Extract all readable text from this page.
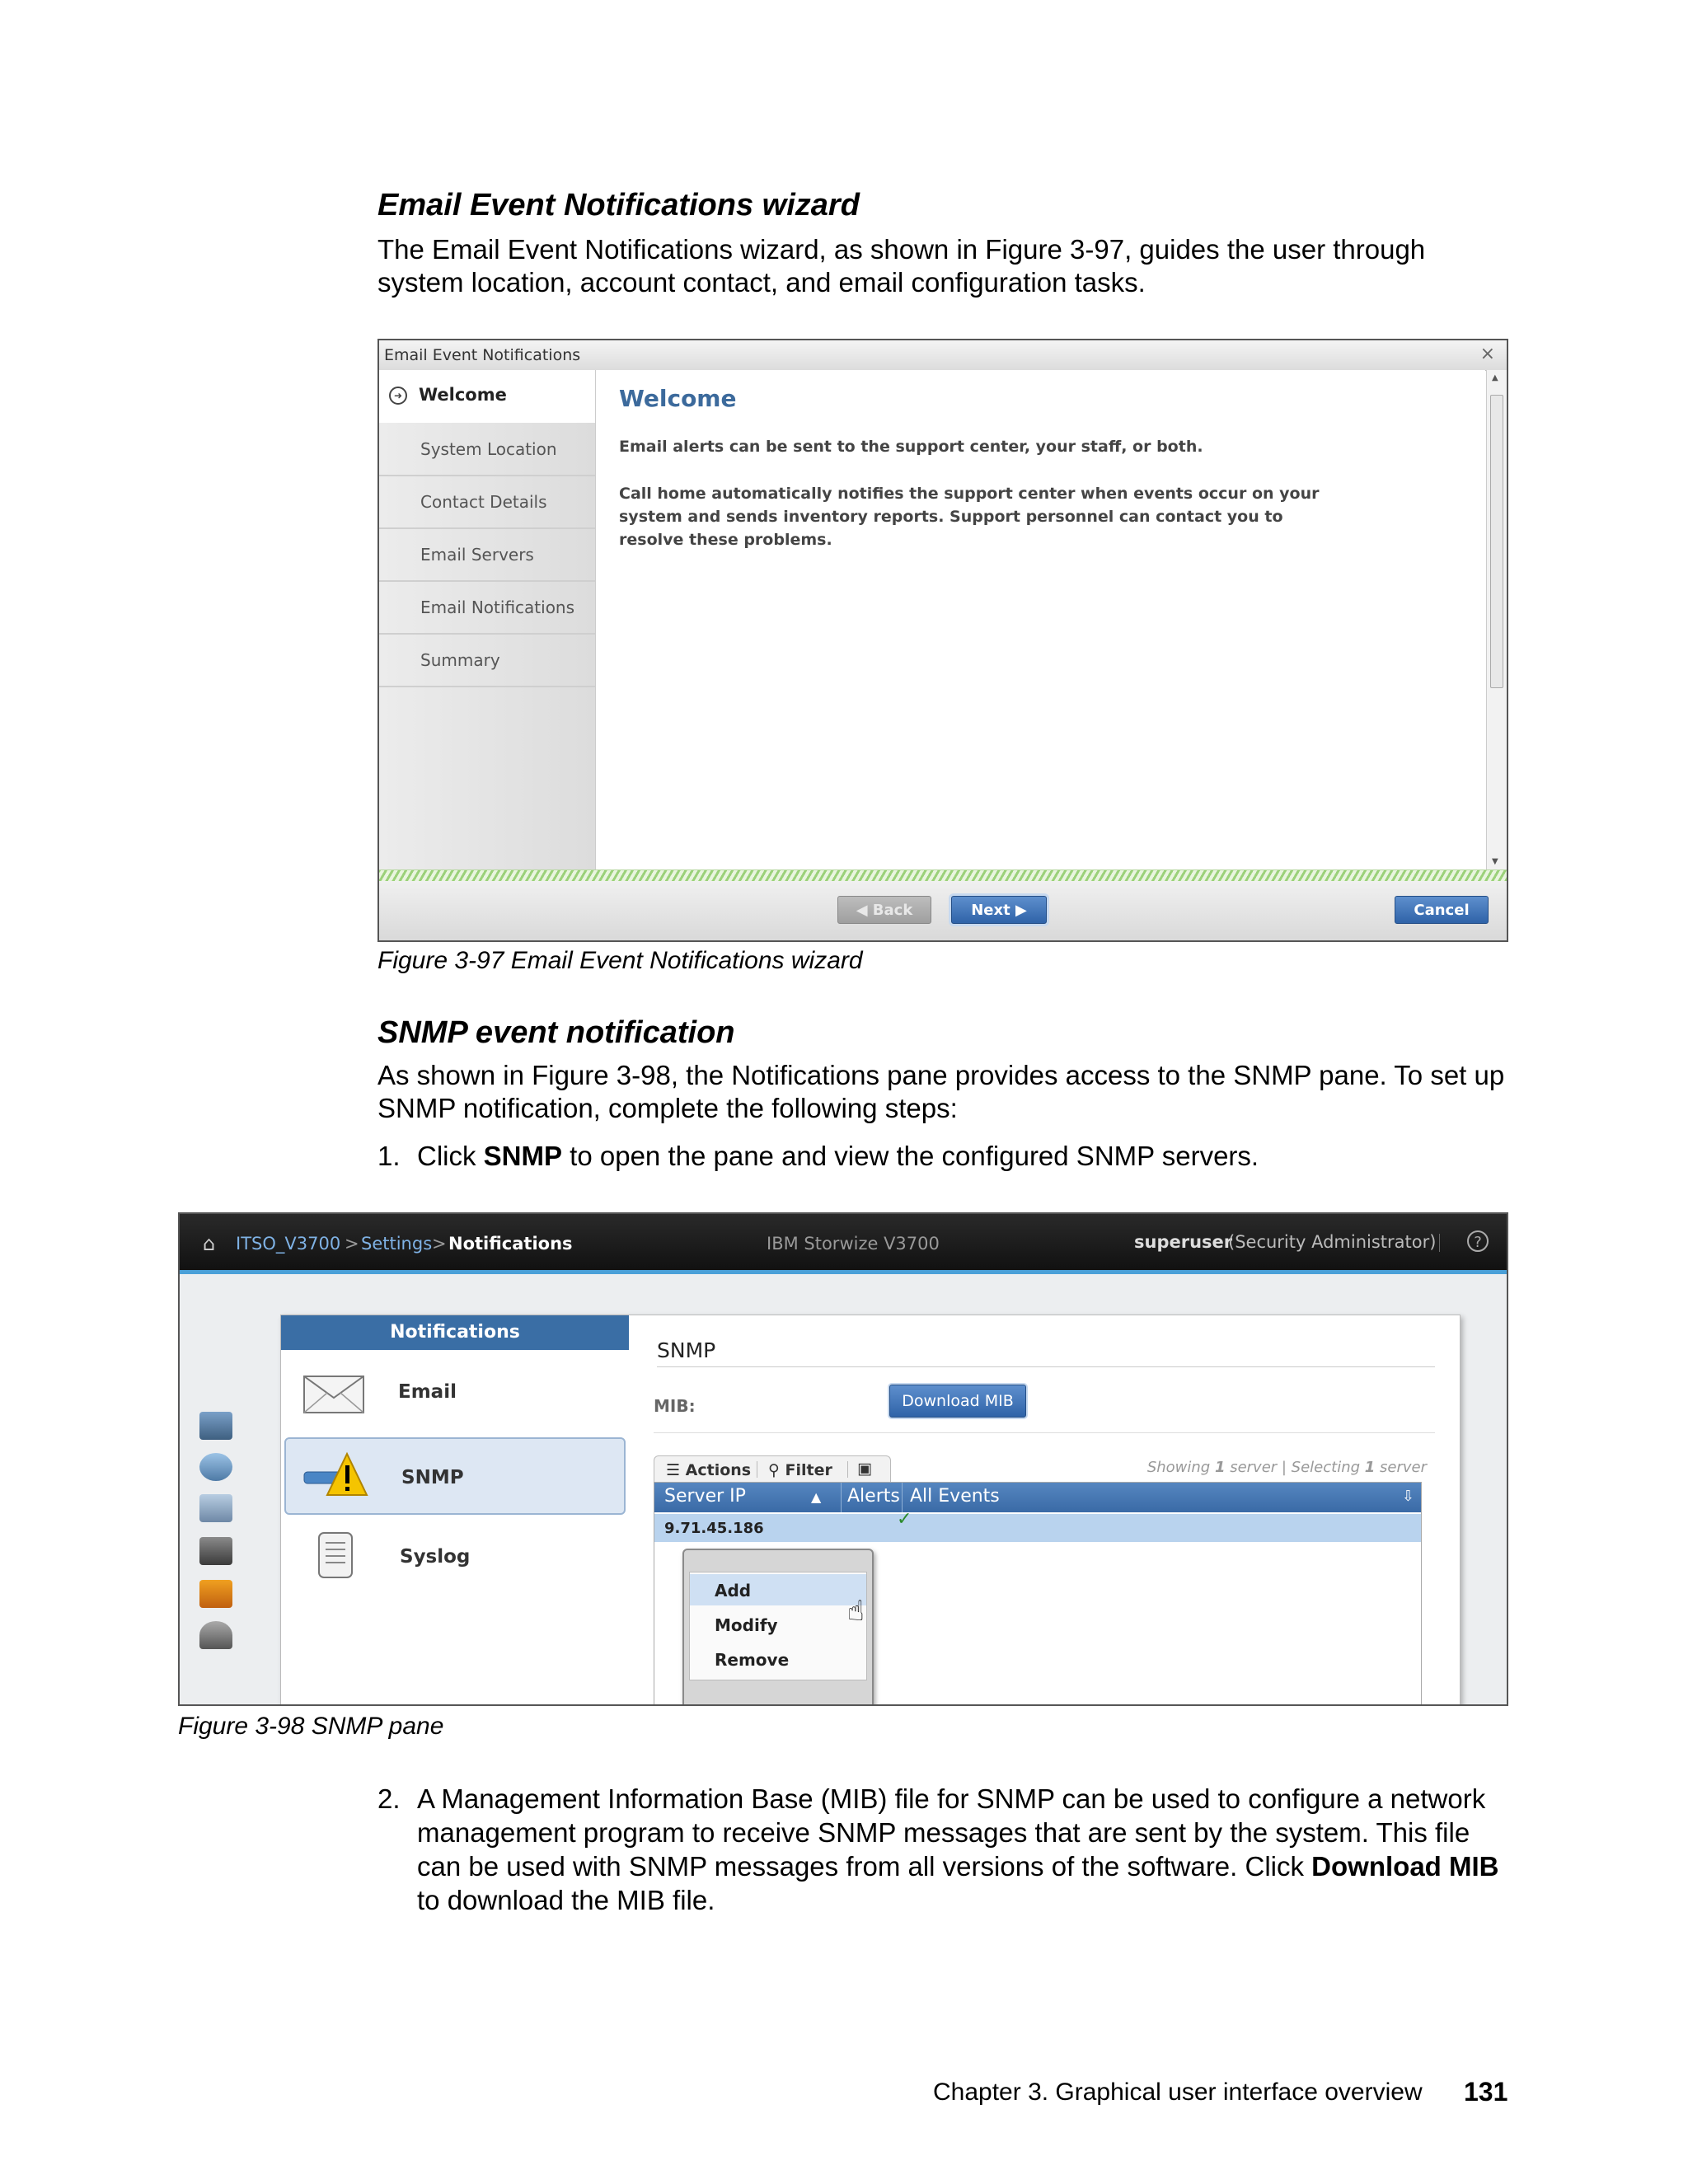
Email Event Notifications wizard
The Email Event Notifications wizard, as shown in Figure 3-97, guides the user through
system location, account contact, and email configuration tasks.
Email Event Notifications	×
➜ Welcome
System Location
Contact Details
Email Servers
Email Notifications
Summary
Welcome
Email alerts can be sent to the support center, your staff, or both.
Call home automatically notifies the support center when events occur on your system and sends inventory reports. Support personnel can contact you to resolve these problems.
▲
▼
◀ Back	Next ▶	Cancel
Figure 3-97 Email Event Notifications wizard
SNMP event notification
As shown in Figure 3-98, the Notifications pane provides access to the SNMP pane. To set up
SNMP notification, complete the following steps:
1. Click SNMP to open the pane and view the configured SNMP servers.
⌂ ITSO_V3700 > Settings > Notifications	IBM Storwize V3700	superuser
(Security Administrator)	?
Notifications
Email
SNMP
Syslog
SNMP
MIB:	Download MIB
☰ Actions ⚲ Filter ▣	Showing 1 server | Selecting 1 server
Server IP	▲ Alerts All Events	⇩
9.71.45.186	✓
Add
Modify
Remove
☝
Figure 3-98 SNMP pane
2. A Management Information Base (MIB) file for SNMP can be used to configure a network
management program to receive SNMP messages that are sent by the system. This file
can be used with SNMP messages from all versions of the software. Click Download MIB
to download the MIB file.
Chapter 3. Graphical user interface overview 131
